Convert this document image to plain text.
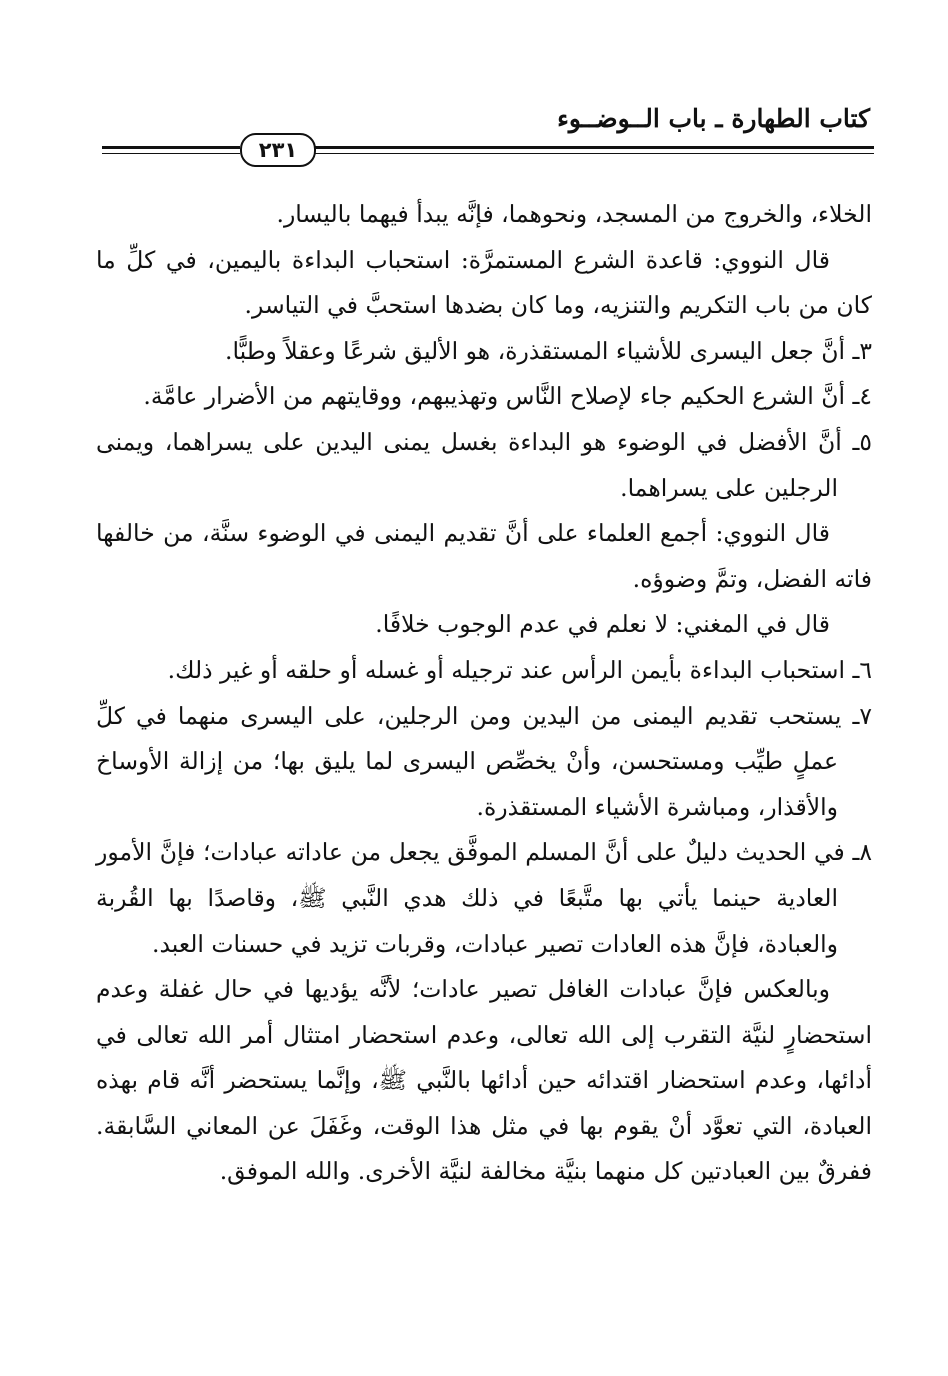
كتاب الطهارة ـ باب الــوضــوء
٢٣١

الخلاء، والخروج من المسجد، ونحوهما، فإنَّه يبدأ فيهما باليسار.

قال النووي: قاعدة الشرع المستمرَّة: استحباب البداءة باليمين، في كلِّ ما كان من باب التكريم والتنزيه، وما كان بضدها استحبَّ في التياسر.

٣ـ أنَّ جعل اليسرى للأشياء المستقذرة، هو الأليق شرعًا وعقلاً وطبًّا.

٤ـ أنَّ الشرع الحكيم جاء لإصلاح النَّاس وتهذيبهم، ووقايتهم من الأضرار عامَّة.

٥ـ أنَّ الأفضل في الوضوء هو البداءة بغسل يمنى اليدين على يسراهما، ويمنى الرجلين على يسراهما.

قال النووي: أجمع العلماء على أنَّ تقديم اليمنى في الوضوء سنَّة، من خالفها فاته الفضل، وتمَّ وضوؤه.

قال في المغني: لا نعلم في عدم الوجوب خلافًا.

٦ـ استحباب البداءة بأيمن الرأس عند ترجيله أو غسله أو حلقه أو غير ذلك.

٧ـ يستحب تقديم اليمنى من اليدين ومن الرجلين، على اليسرى منهما في كلِّ عملٍ طيِّب ومستحسن، وأنْ يخصِّص اليسرى لما يليق بها؛ من إزالة الأوساخ والأقذار، ومباشرة الأشياء المستقذرة.

٨ـ في الحديث دليلٌ على أنَّ المسلم الموفَّق يجعل من عاداته عبادات؛ فإنَّ الأمور العادية حينما يأتي بها متَّبعًا في ذلك هدي النَّبي ﷺ، وقاصدًا بها القُربة والعبادة، فإنَّ هذه العادات تصير عبادات، وقربات تزيد في حسنات العبد.

وبالعكس فإنَّ عبادات الغافل تصير عادات؛ لأنَّه يؤديها في حال غفلة وعدم استحضارٍ لنيَّة التقرب إلى الله تعالى، وعدم استحضار امتثال أمر الله تعالى في أدائها، وعدم استحضار اقتدائه حين أدائها بالنَّبي ﷺ، وإنَّما يستحضر أنَّه قام بهذه العبادة، التي تعوَّد أنْ يقوم بها في مثل هذا الوقت، وغَفَلَ عن المعاني السَّابقة. ففرقٌ بين العبادتين كل منهما بنيَّة مخالفة لنيَّة الأخرى. والله الموفق.
